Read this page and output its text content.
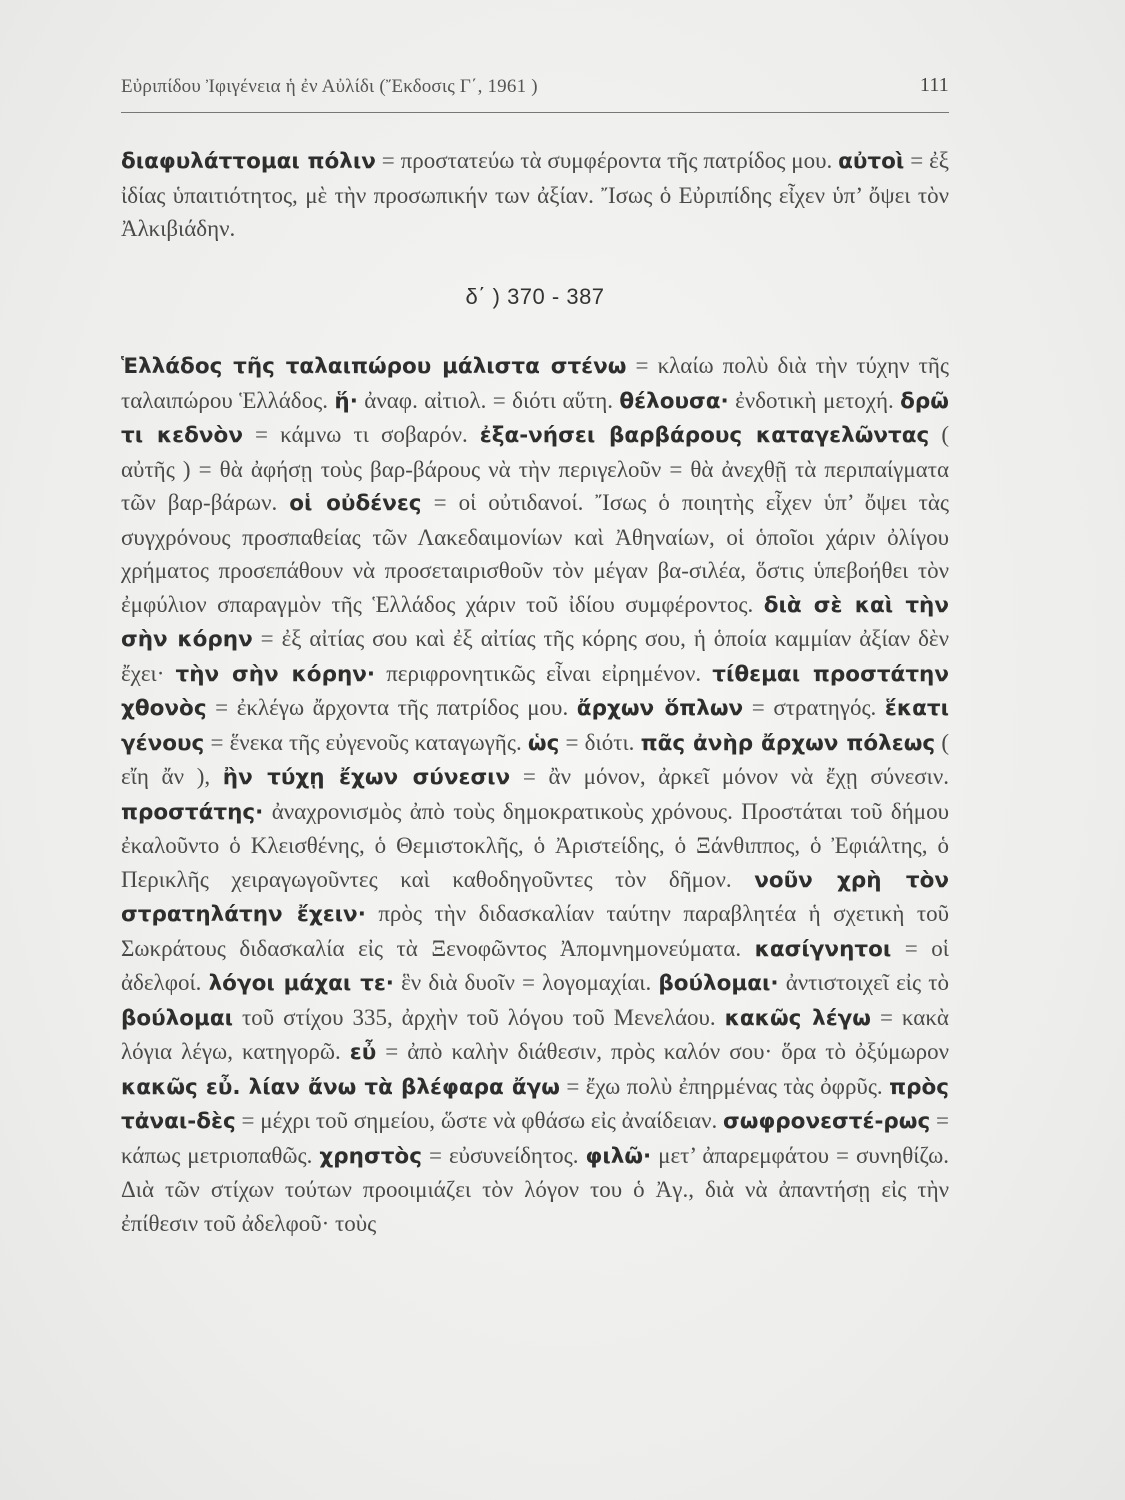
Εὐριπίδου Ἰφιγένεια ἡ ἐν Αὐλίδι (Ἔκδοσις Γ΄, 1961 )	111

διαφυλάττομαι πόλιν = προστατεύω τὰ συμφέροντα τῆς πατρίδος μου. αὐτοὶ = ἐξ ἰδίας ὑπαιτιότητος, μὲ τὴν προσωπικήν των ἀξίαν. Ἴσως ὁ Εὐριπίδης εἶχεν ὑπ’ ὄψει τὸν Ἀλκιβιάδην.

δ΄ ) 370 - 387

Ἑλλάδος τῆς ταλαιπώρου μάλιστα στένω = κλαίω πολὺ διὰ τὴν τύχην τῆς ταλαιπώρου Ἑλλάδος. ἥ· ἀναφ. αἰτιολ. = διότι αὕτη. θέλουσα· ἐνδοτικὴ μετοχή. δρῶ τι κεδνὸν = κάμνω τι σοβαρόν. ἐξα-νήσει βαρβάρους καταγελῶντας ( αὐτῆς ) = θὰ ἀφήσῃ τοὺς βαρ-βάρους νὰ τὴν περιγελοῦν = θὰ ἀνεχθῇ τὰ περιπαίγματα τῶν βαρ-βάρων. οἱ οὐδένες = οἱ οὐτιδανοί. Ἴσως ὁ ποιητὴς εἶχεν ὑπ’ ὄψει τὰς συγχρόνους προσπαθείας τῶν Λακεδαιμονίων καὶ Ἀθηναίων, οἱ ὁποῖοι χάριν ὀλίγου χρήματος προσεπάθουν νὰ προσεταιρισθοῦν τὸν μέγαν βα-σιλέα, ὅστις ὑπεβοήθει τὸν ἐμφύλιον σπαραγμὸν τῆς Ἑλλάδος χάριν τοῦ ἰδίου συμφέροντος. διὰ σὲ καὶ τὴν σὴν κόρην = ἐξ αἰτίας σου καὶ ἐξ αἰτίας τῆς κόρης σου, ἡ ὁποία καμμίαν ἀξίαν δὲν ἔχει· τὴν σὴν κόρην· περιφρονητικῶς εἶναι εἰρημένον. τίθεμαι προστάτην χθονὸς = ἐκλέγω ἄρχοντα τῆς πατρίδος μου. ἄρχων ὅπλων = στρατηγός. ἕκατι γένους = ἕνεκα τῆς εὐγενοῦς καταγωγῆς. ὡς = διότι. πᾶς ἀνὴρ ἄρχων πόλεως ( εἴη ἄν ), ἢν τύχῃ ἔχων σύνεσιν = ἂν μόνον, ἀρκεῖ μόνον νὰ ἔχῃ σύνεσιν. προστάτης· ἀναχρονισμὸς ἀπὸ τοὺς δημοκρατικοὺς χρόνους. Προστάται τοῦ δήμου ἐκαλοῦντο ὁ Κλεισθένης, ὁ Θεμιστοκλῆς, ὁ Ἀριστείδης, ὁ Ξάνθιππος, ὁ Ἐφιάλτης, ὁ Περικλῆς χειραγωγοῦντες καὶ καθοδηγοῦντες τὸν δῆμον. νοῦν χρὴ τὸν στρατηλάτην ἔχειν· πρὸς τὴν διδασκαλίαν ταύτην παραβλητέα ἡ σχετικὴ τοῦ Σωκράτους διδασκαλία εἰς τὰ Ξενοφῶντος Ἀπομνημονεύματα. κασίγνητοι = οἱ ἀδελφοί. λόγοι μάχαι τε· ἓν διὰ δυοῖν = λογομαχίαι. βούλομαι· ἀντιστοιχεῖ εἰς τὸ βούλομαι τοῦ στίχου 335, ἀρχὴν τοῦ λόγου τοῦ Μενελάου. κακῶς λέγω = κακὰ λόγια λέγω, κατηγορῶ. εὖ = ἀπὸ καλὴν διάθεσιν, πρὸς καλόν σου· ὅρα τὸ ὀξύμωρον κακῶς εὖ. λίαν ἄνω τὰ βλέφαρα ἄγω = ἔχω πολὺ ἐπηρμένας τὰς ὀφρῦς. πρὸς τἀναι-δὲς = μέχρι τοῦ σημείου, ὥστε νὰ φθάσω εἰς ἀναίδειαν. σωφρονεστέ-ρως = κάπως μετριοπαθῶς. χρηστὸς = εὐσυνείδητος. φιλῶ· μετ’ ἀπαρεμφάτου = συνηθίζω. Διὰ τῶν στίχων τούτων προοιμιάζει τὸν λόγον του ὁ Ἀγ., διὰ νὰ ἀπαντήσῃ εἰς τὴν ἐπίθεσιν τοῦ ἀδελφοῦ· τοὺς
